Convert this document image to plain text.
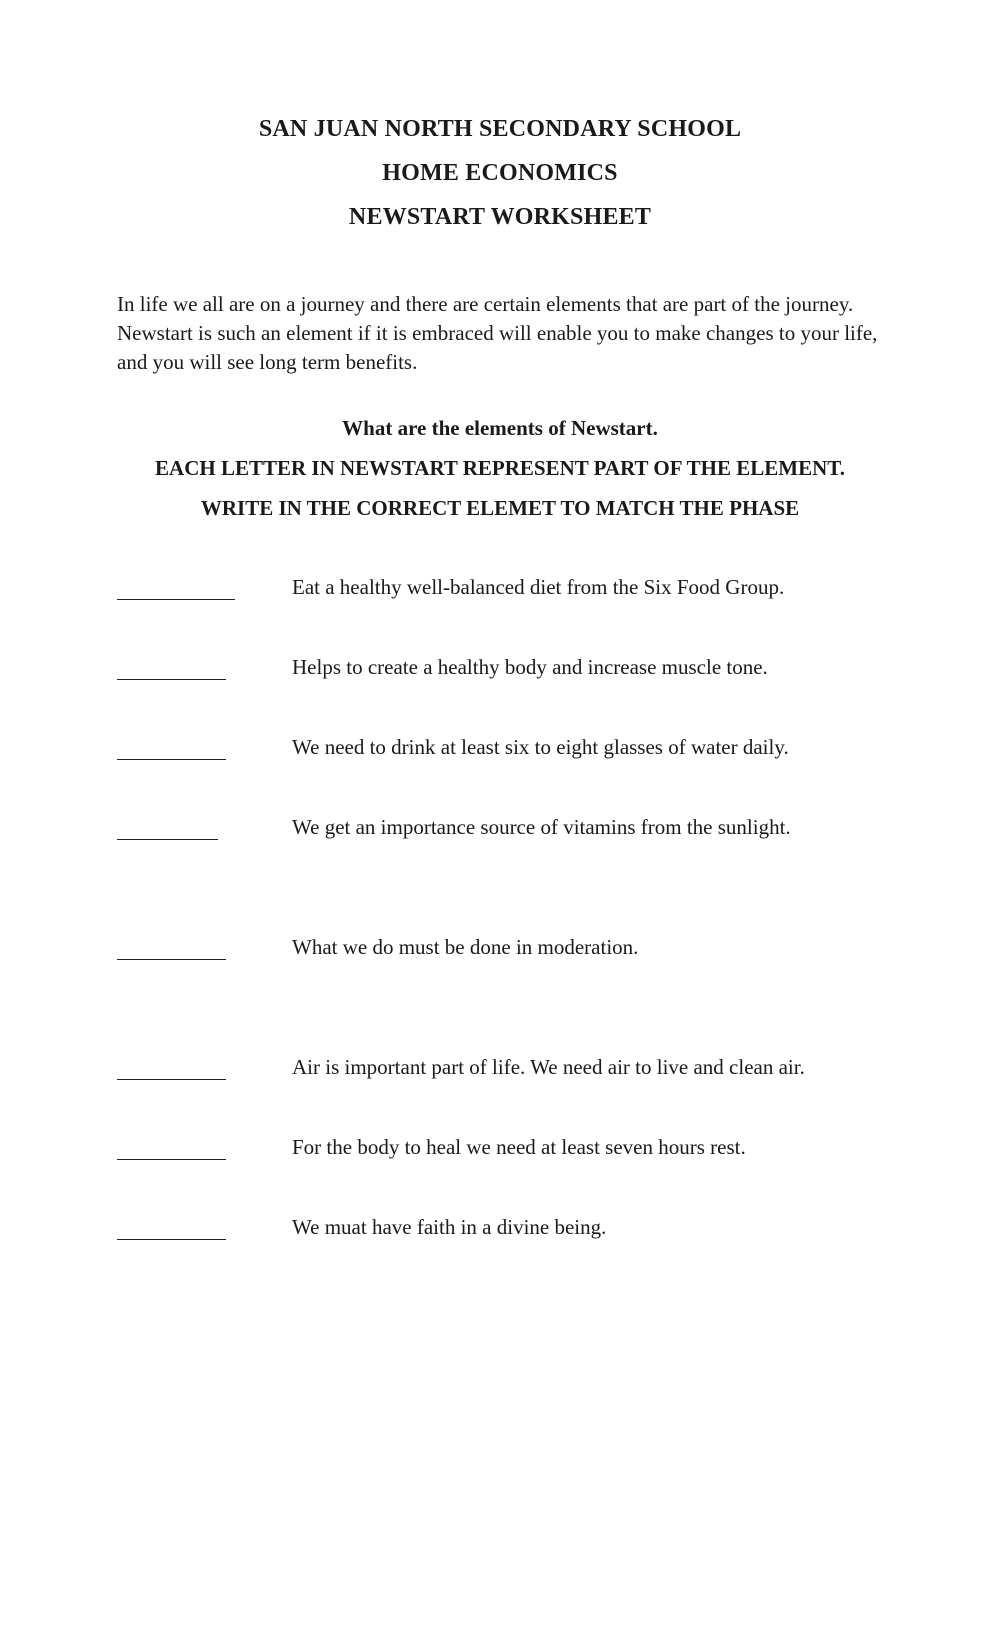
SAN JUAN NORTH SECONDARY SCHOOL
HOME ECONOMICS
NEWSTART WORKSHEET
In life we all are on a journey and there are certain elements that are part of the journey. Newstart is such an element if it is embraced will enable you to make changes to your life, and you will see long term benefits.
What are the elements of Newstart.
EACH LETTER IN NEWSTART REPRESENT PART OF THE ELEMENT.
WRITE IN THE CORRECT ELEMET TO MATCH THE PHASE
Eat a healthy well-balanced diet from the Six Food Group.
Helps to create a healthy body and increase muscle tone.
We need to drink at least six to eight glasses of water daily.
We get an importance source of vitamins from the sunlight.
What we do must be done in moderation.
Air is important part of life. We need air to live and clean air.
For the body to heal we need at least seven hours rest.
We muat have faith in a divine being.
